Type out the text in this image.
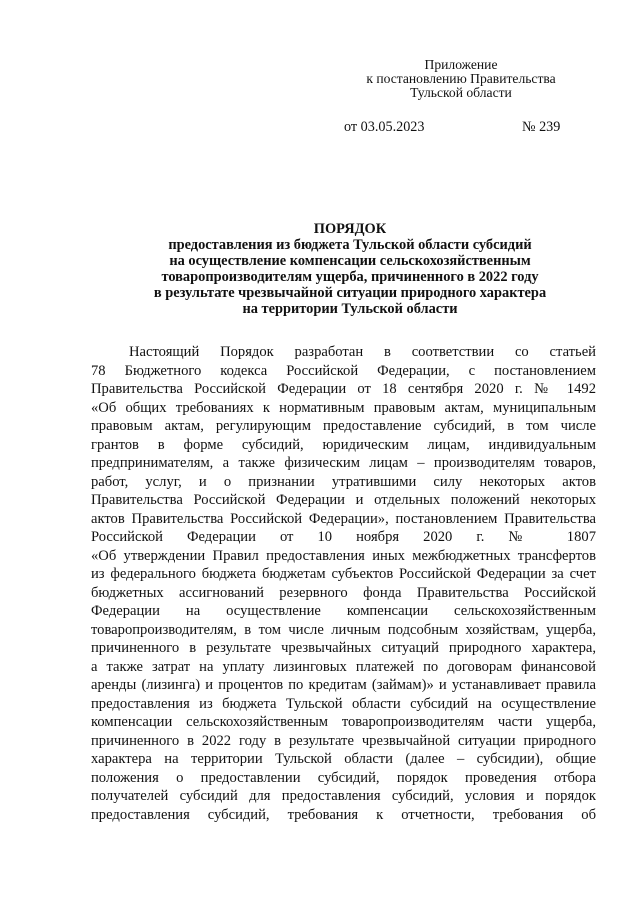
Приложение
к постановлению Правительства
Тульской области
от 03.05.2023	№ 239
ПОРЯДОК
предоставления из бюджета Тульской области субсидий
на осуществление компенсации сельскохозяйственным
товаропроизводителям ущерба, причиненного в 2022 году
в результате чрезвычайной ситуации природного характера
на территории Тульской области
Настоящий Порядок разработан в соответствии со статьей
78 Бюджетного кодекса Российской Федерации, с постановлением
Правительства Российской Федерации от 18 сентября 2020 г. № 1492
«Об общих требованиях к нормативным правовым актам, муниципальным
правовым актам, регулирующим предоставление субсидий, в том числе
грантов в форме субсидий, юридическим лицам, индивидуальным
предпринимателям, а также физическим лицам – производителям товаров,
работ, услуг, и о признании утратившими силу некоторых актов
Правительства Российской Федерации и отдельных положений некоторых
актов Правительства Российской Федерации», постановлением Правительства
Российской Федерации от 10 ноября 2020 г. № 1807
«Об утверждении Правил предоставления иных межбюджетных трансфертов
из федерального бюджета бюджетам субъектов Российской Федерации за счет
бюджетных ассигнований резервного фонда Правительства Российской
Федерации на осуществление компенсации сельскохозяйственным
товаропроизводителям, в том числе личным подсобным хозяйствам, ущерба,
причиненного в результате чрезвычайных ситуаций природного характера,
а также затрат на уплату лизинговых платежей по договорам финансовой
аренды (лизинга) и процентов по кредитам (займам)» и устанавливает правила
предоставления из бюджета Тульской области субсидий на осуществление
компенсации сельскохозяйственным товаропроизводителям части ущерба,
причиненного в 2022 году в результате чрезвычайной ситуации природного
характера на территории Тульской области (далее – субсидии), общие
положения о предоставлении субсидий, порядок проведения отбора
получателей субсидий для предоставления субсидий, условия и порядок
предоставления субсидий, требования к отчетности, требования об
